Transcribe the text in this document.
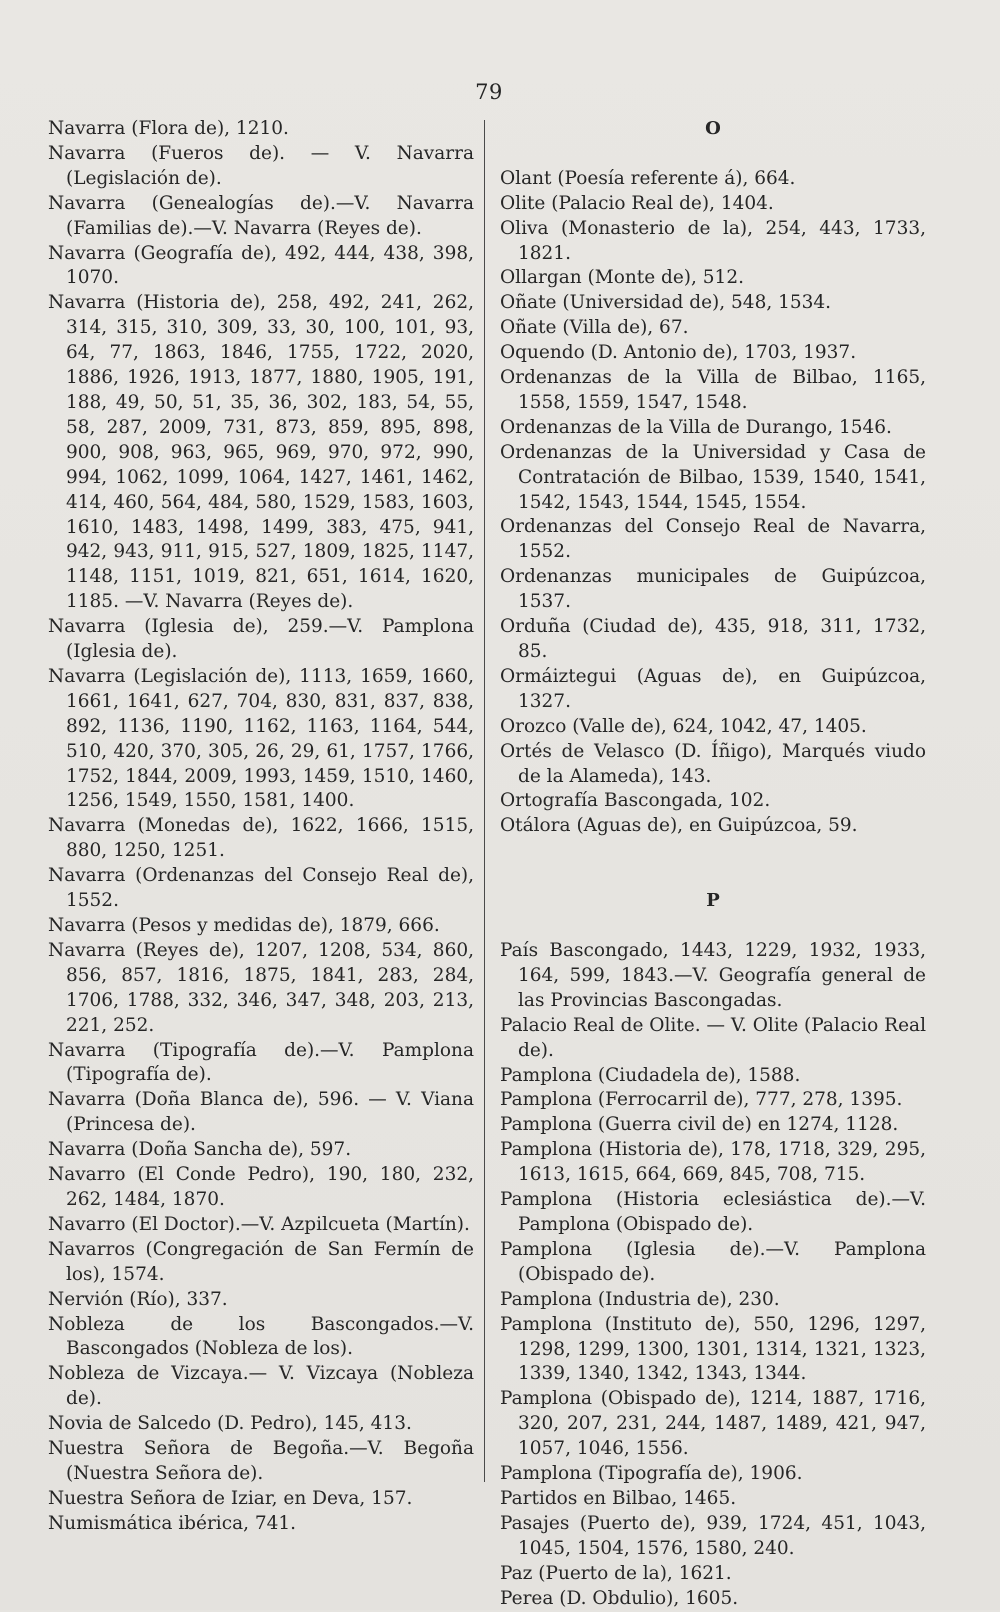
79

Navarra (Flora de), 1210.

Navarra (Fueros de). — V. Navarra (Legislación de).

Navarra (Genealogías de).—V. Navarra (Familias de).—V. Navarra (Reyes de).

Navarra (Geografía de), 492, 444, 438, 398, 1070.

Navarra (Historia de), 258, 492, 241, 262, 314, 315, 310, 309, 33, 30, 100, 101, 93, 64, 77, 1863, 1846, 1755, 1722, 2020, 1886, 1926, 1913, 1877, 1880, 1905, 191, 188, 49, 50, 51, 35, 36, 302, 183, 54, 55, 58, 287, 2009, 731, 873, 859, 895, 898, 900, 908, 963, 965, 969, 970, 972, 990, 994, 1062, 1099, 1064, 1427, 1461, 1462, 414, 460, 564, 484, 580, 1529, 1583, 1603, 1610, 1483, 1498, 1499, 383, 475, 941, 942, 943, 911, 915, 527, 1809, 1825, 1147, 1148, 1151, 1019, 821, 651, 1614, 1620, 1185. —V. Navarra (Reyes de).

Navarra (Iglesia de), 259.—V. Pamplona (Iglesia de).

Navarra (Legislación de), 1113, 1659, 1660, 1661, 1641, 627, 704, 830, 831, 837, 838, 892, 1136, 1190, 1162, 1163, 1164, 544, 510, 420, 370, 305, 26, 29, 61, 1757, 1766, 1752, 1844, 2009, 1993, 1459, 1510, 1460, 1256, 1549, 1550, 1581, 1400.

Navarra (Monedas de), 1622, 1666, 1515, 880, 1250, 1251.

Navarra (Ordenanzas del Consejo Real de), 1552.

Navarra (Pesos y medidas de), 1879, 666.

Navarra (Reyes de), 1207, 1208, 534, 860, 856, 857, 1816, 1875, 1841, 283, 284, 1706, 1788, 332, 346, 347, 348, 203, 213, 221, 252.

Navarra (Tipografía de).—V. Pamplona (Tipografía de).

Navarra (Doña Blanca de), 596. — V. Viana (Princesa de).

Navarra (Doña Sancha de), 597.

Navarro (El Conde Pedro), 190, 180, 232, 262, 1484, 1870.

Navarro (El Doctor).—V. Azpilcueta (Martín).

Navarros (Congregación de San Fermín de los), 1574.

Nervión (Río), 337.

Nobleza de los Bascongados.—V. Bascongados (Nobleza de los).

Nobleza de Vizcaya.— V. Vizcaya (Nobleza de).

Novia de Salcedo (D. Pedro), 145, 413.

Nuestra Señora de Begoña.—V. Begoña (Nuestra Señora de).

Nuestra Señora de Iziar, en Deva, 157.

Numismática ibérica, 741.

O

Olant (Poesía referente á), 664.

Olite (Palacio Real de), 1404.

Oliva (Monasterio de la), 254, 443, 1733, 1821.

Ollargan (Monte de), 512.

Oñate (Universidad de), 548, 1534.

Oñate (Villa de), 67.

Oquendo (D. Antonio de), 1703, 1937.

Ordenanzas de la Villa de Bilbao, 1165, 1558, 1559, 1547, 1548.

Ordenanzas de la Villa de Durango, 1546.

Ordenanzas de la Universidad y Casa de Contratación de Bilbao, 1539, 1540, 1541, 1542, 1543, 1544, 1545, 1554.

Ordenanzas del Consejo Real de Navarra, 1552.

Ordenanzas municipales de Guipúzcoa, 1537.

Orduña (Ciudad de), 435, 918, 311, 1732, 85.

Ormáiztegui (Aguas de), en Guipúzcoa, 1327.

Orozco (Valle de), 624, 1042, 47, 1405.

Ortés de Velasco (D. Íñigo), Marqués viudo de la Alameda), 143.

Ortografía Bascongada, 102.

Otálora (Aguas de), en Guipúzcoa, 59.

P

País Bascongado, 1443, 1229, 1932, 1933, 164, 599, 1843.—V. Geografía general de las Provincias Bascongadas.

Palacio Real de Olite. — V. Olite (Palacio Real de).

Pamplona (Ciudadela de), 1588.

Pamplona (Ferrocarril de), 777, 278, 1395.

Pamplona (Guerra civil de) en 1274, 1128.

Pamplona (Historia de), 178, 1718, 329, 295, 1613, 1615, 664, 669, 845, 708, 715.

Pamplona (Historia eclesiástica de).—V. Pamplona (Obispado de).

Pamplona (Iglesia de).—V. Pamplona (Obispado de).

Pamplona (Industria de), 230.

Pamplona (Instituto de), 550, 1296, 1297, 1298, 1299, 1300, 1301, 1314, 1321, 1323, 1339, 1340, 1342, 1343, 1344.

Pamplona (Obispado de), 1214, 1887, 1716, 320, 207, 231, 244, 1487, 1489, 421, 947, 1057, 1046, 1556.

Pamplona (Tipografía de), 1906.

Partidos en Bilbao, 1465.

Pasajes (Puerto de), 939, 1724, 451, 1043, 1045, 1504, 1576, 1580, 240.

Paz (Puerto de la), 1621.

Perea (D. Obdulio), 1605.
